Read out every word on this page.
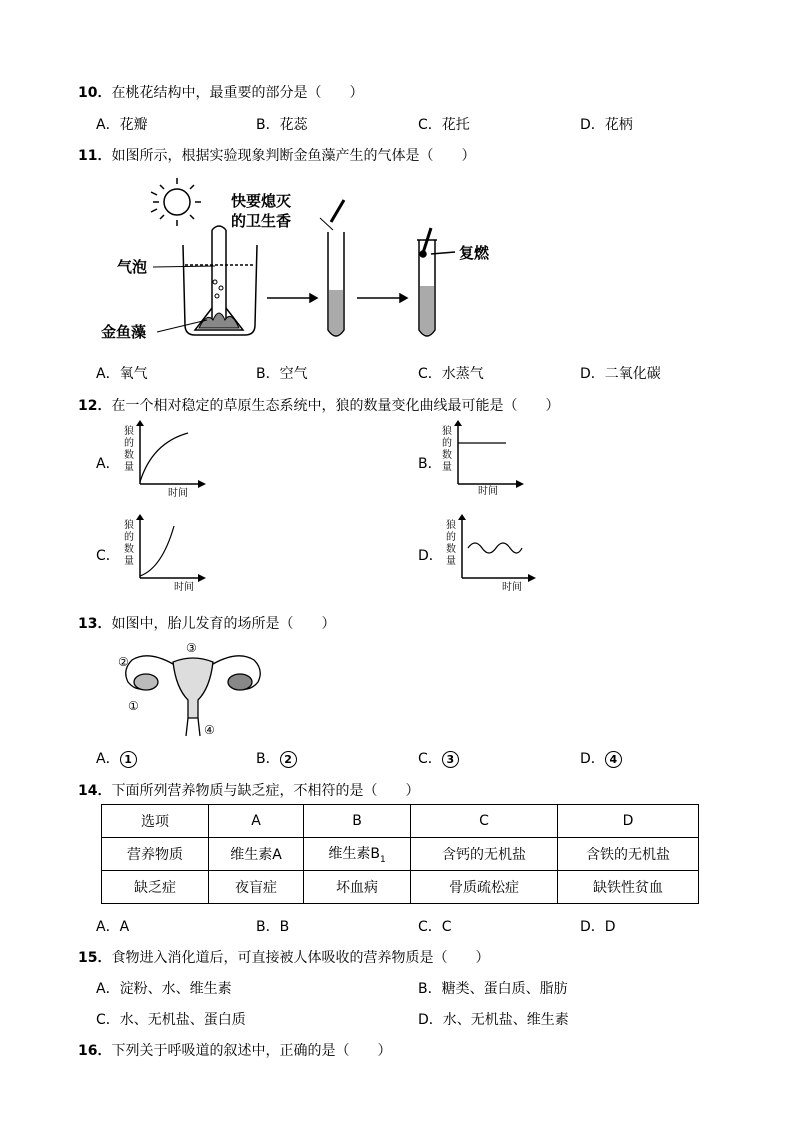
10．在桃花结构中，最重要的部分是（　　）
A．花瓣	B．花蕊	C．花托	D．花柄
11．如图所示，根据实验现象判断金鱼藻产生的气体是（　　）
快要熄灭
的卫生香
气泡
金鱼藻
复燃
A．氧气	B．空气	C．水蒸气	D．二氧化碳
12．在一个相对稳定的草原生态系统中，狼的数量变化曲线最可能是（　　）
A．	B．
C．	D．
时间
狼
的
数
量
时间
狼
的
数
量
时间
狼
的
数
量
时间
狼
的
数
量
13．如图中，胎儿发育的场所是（　　）
②
③
①
④
A． 1	B． 2	C． 3	D． 4
14．下面所列营养物质与缺乏症，不相符的是（　　）
选项	A	B	C	D
营养物质	维生素A	维生素$B_1$	含钙的无机盐	含铁的无机盐
缺乏症	夜盲症	坏血病	骨质疏松症	缺铁性贫血
A．A	B．B	C．C	D．D
15．食物进入消化道后，可直接被人体吸收的营养物质是（　　）
A．淀粉、水、维生素	B．糖类、蛋白质、脂肪
C．水、无机盐、蛋白质	D．水、无机盐、维生素
16．下列关于呼吸道的叙述中，正确的是（　　）
